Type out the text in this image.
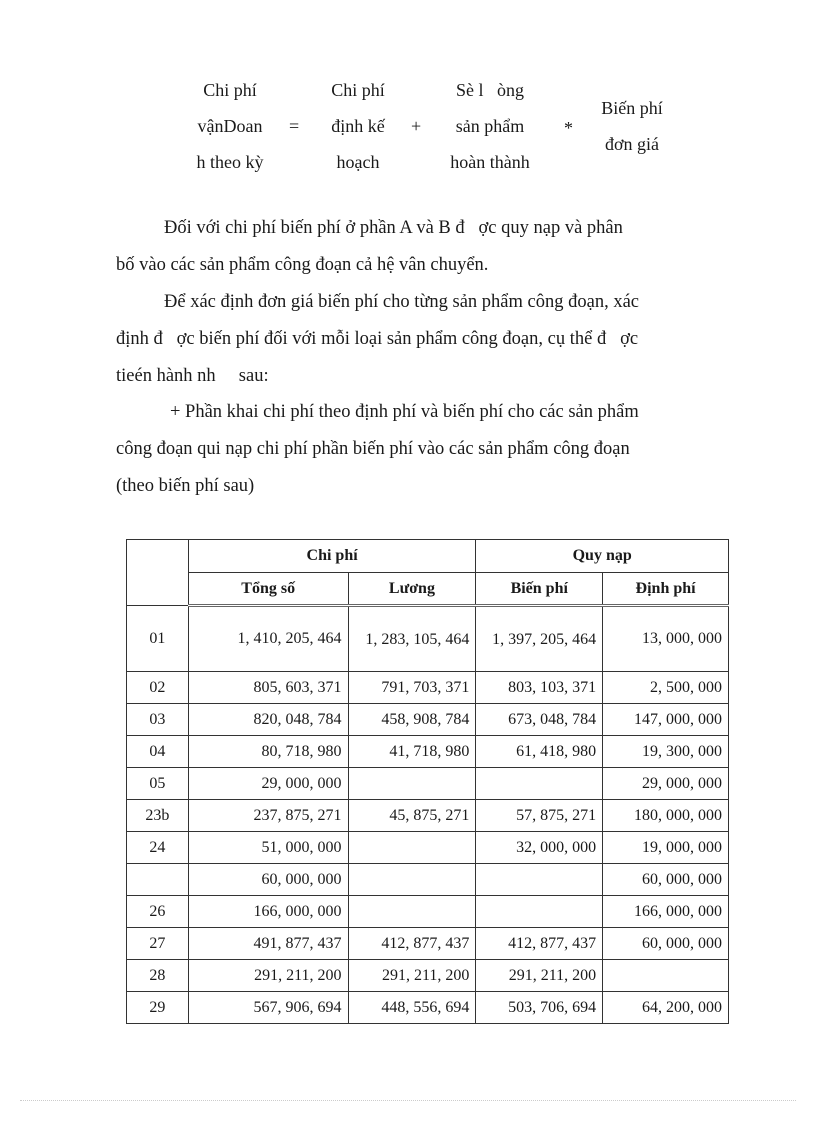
Chi phí
vậnDoan
h theo kỳ
=
Chi phí
định kế
hoạch
+
Sè l   òng
sản phẩm
hoàn thành
*
Biến phí
đơn giá
Đối với chi phí biến phí ở phần A và B đ   ợc quy nạp và phân
bố vào các sản phẩm công đoạn cả hệ vân chuyển.
Để xác định đơn giá biến phí cho từng sản phẩm công đoạn, xác
định đ   ợc biến phí đối với mỗi loại sản phẩm công đoạn, cụ thể đ   ợc
tieén hành nh     sau:
+ Phần khai chi phí theo định phí và biến phí cho các sản phẩm
công đoạn qui nạp chi phí phần biến phí vào các sản phẩm công đoạn
(theo biến phí sau)
	Chi phí		Quy nạp	
	Tổng số	Lương	Biến phí	Định phí
01	1, 410, 205, 464	1, 283, 105, 464	1, 397, 205, 464	13, 000, 000
02	805, 603, 371	791, 703, 371	803, 103, 371	2, 500, 000
03	820, 048, 784	458, 908, 784	673, 048, 784	147, 000, 000
04	80, 718, 980	41, 718, 980	61, 418, 980	19, 300, 000
05	29, 000, 000			29, 000, 000
23b	237, 875, 271	45, 875, 271	57, 875, 271	180, 000, 000
24	51, 000, 000		32, 000, 000	19, 000, 000
	60, 000, 000			60, 000, 000
26	166, 000, 000			166, 000, 000
27	491, 877, 437	412, 877, 437	412, 877, 437	60, 000, 000
28	291, 211, 200	291, 211, 200	291, 211, 200	
29	567, 906, 694	448, 556, 694	503, 706, 694	64, 200, 000
